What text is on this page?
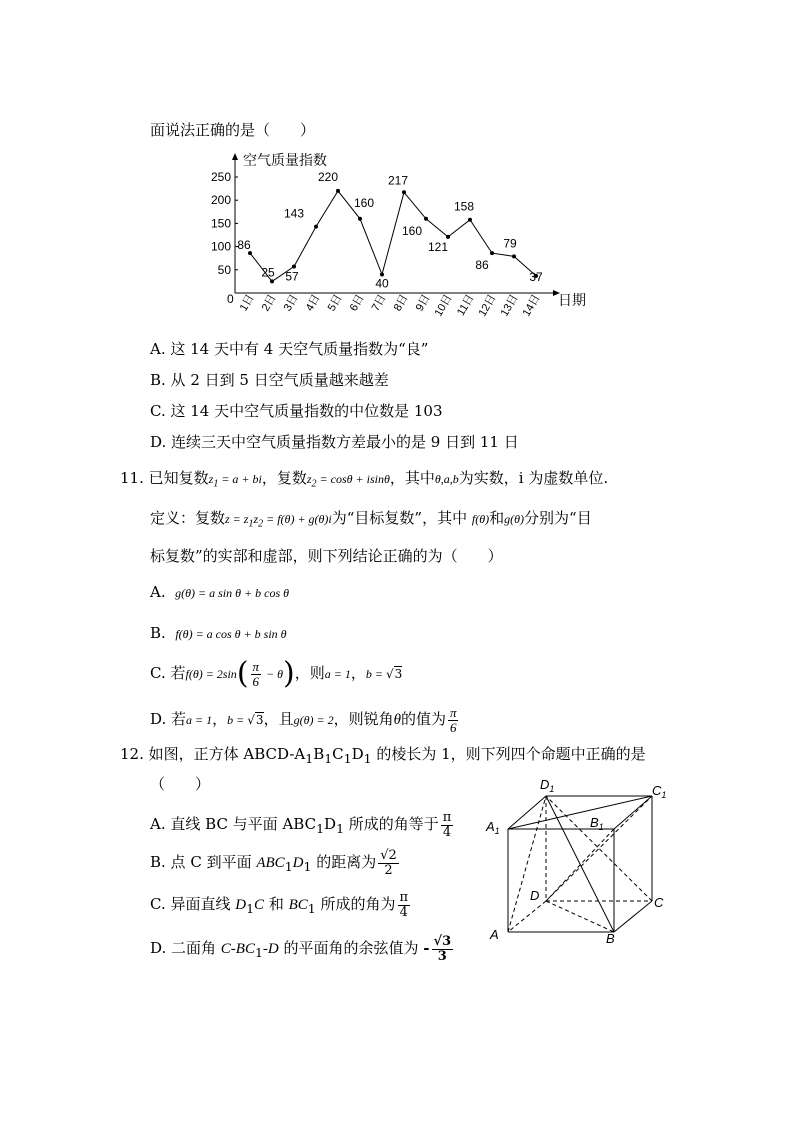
面说法正确的是（　　）
空气质量指数
日期
0
250
200
150
100
50
86
25 57
143
220
160
40
217
160
121
158
86
79
37
1日 2日 3日 4日 5日 6日 7日 8日 9日 10日 11日 12日 13日 14日
A. 这 14 天中有 4 天空气质量指数为“良”
B. 从 2 日到 5 日空气质量越来越差
C. 这 14 天中空气质量指数的中位数是 103
D. 连续三天中空气质量指数方差最小的是 9 日到 11 日
11. 已知复数$z_1 = a$ + bi，复数$z_2 = \cos\theta + isin\theta$，其中θ,a,b为实数，i 为虚数单位.
定义：复数$z = z_1z_2 = f(\theta) + g(\theta)i$为“目标复数”，其中 f(θ)和g(θ)分别为“目
标复数”的实部和虚部，则下列结论正确的为（　　）
A. g(θ) = a sin θ + b cos θ
B. f(θ) = a cos θ + b sin θ
C. 若$f(\theta) = 2\sin( \frac{\pi}{6} - \theta)$，则a = 1，b = √3
D. 若a = 1，b = √3，且g(θ) = 2，则锐角θ的值为 $\frac{\pi}{6}$
12. 如图，正方体 ABCD-$A_1B_1C_1D_1$ 的棱长为 1，则下列四个命题中正确的是
（　　）
A. 直线 BC 与平面 $ABC_1D_1$ 所成的角等于 $\frac{\pi}{4}$
B. 点 C 到平面 $ABC_1D_1$ 的距离为 $\frac{√2}{2}$
C. 异面直线 $D_1C$ 和 $BC_1$ 所成的角为 $\frac{\pi}{4}$
D. 二面角 $C-BC_1-D$ 的平面角的余弦值为 - $\frac{√3}{3}$
$D_1$	$C_1$
$A_1$
$B_1$
D	C
A	B
